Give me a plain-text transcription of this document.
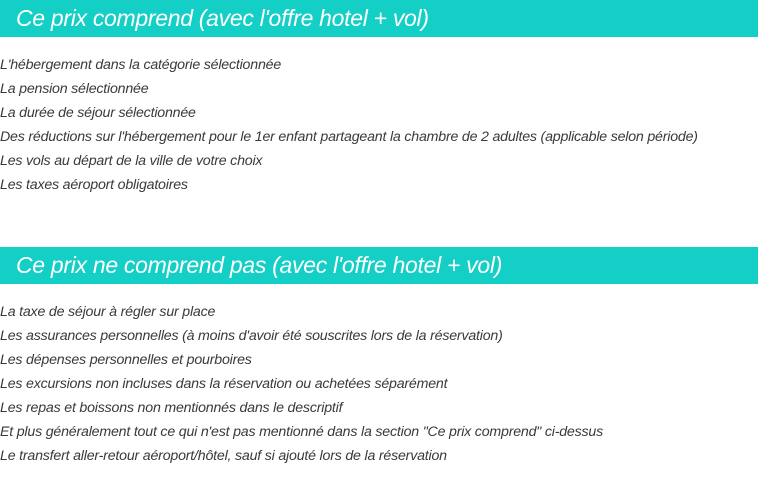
Ce prix comprend (avec l'offre hotel + vol)
L'hébergement dans la catégorie sélectionnée
La pension sélectionnée
La durée de séjour sélectionnée
Des réductions sur l'hébergement pour le 1er enfant partageant la chambre de 2 adultes (applicable selon période)
Les vols au départ de la ville de votre choix
Les taxes aéroport obligatoires
Ce prix ne comprend pas (avec l'offre hotel + vol)
La taxe de séjour à régler sur place
Les assurances personnelles (à moins d'avoir été souscrites lors de la réservation)
Les dépenses personnelles et pourboires
Les excursions non incluses dans la réservation ou achetées séparément
Les repas et boissons non mentionnés dans le descriptif
Et plus généralement tout ce qui n'est pas mentionné dans la section "Ce prix comprend" ci-dessus
Le transfert aller-retour aéroport/hôtel, sauf si ajouté lors de la réservation
